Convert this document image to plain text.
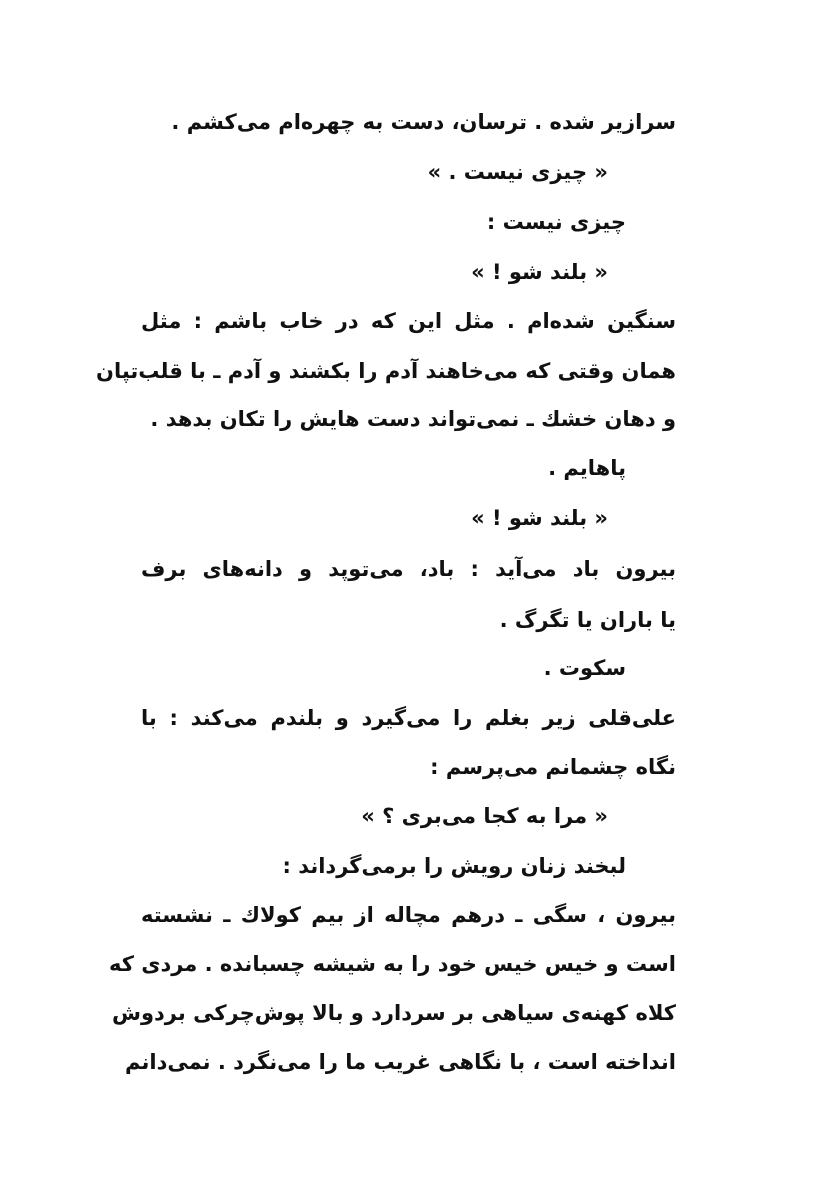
سرازیر شده . ترسان، دست به چهره‌ام می‌کشم .
« چیزی نیست . »
چیزی نیست :
« بلند شو ! »
سنگین شده‌ام . مثل این که در خاب باشم : مثل
همان وقتی که می‌خاهند آدم را بکشند و آدم ـ با قلب‌تپان
و دهان خشك ـ نمی‌تواند دست هایش را تکان بدهد .
پاهایم .
« بلند شو ! »
بیرون باد می‌آید : باد، می‌توپد و دانه‌های برف
یا باران یا تگرگ .
سکوت .
علی‌قلی زیر بغلم را می‌گیرد و بلندم می‌کند : با
نگاه چشمانم می‌پرسم :
« مرا به کجا می‌بری ؟ »
لبخند زنان رویش را برمی‌گرداند :
بیرون ، سگی ـ درهم مچاله از بیم کولاك ـ نشسته
است و خیس خیس خود را به شیشه چسبانده . مردی که
کلاه کهنه‌ی سیاهی بر سردارد و بالا پوش‌چرکی بردوش
انداخته است ، با نگاهی غریب ما را می‌نگرد . نمی‌دانم
